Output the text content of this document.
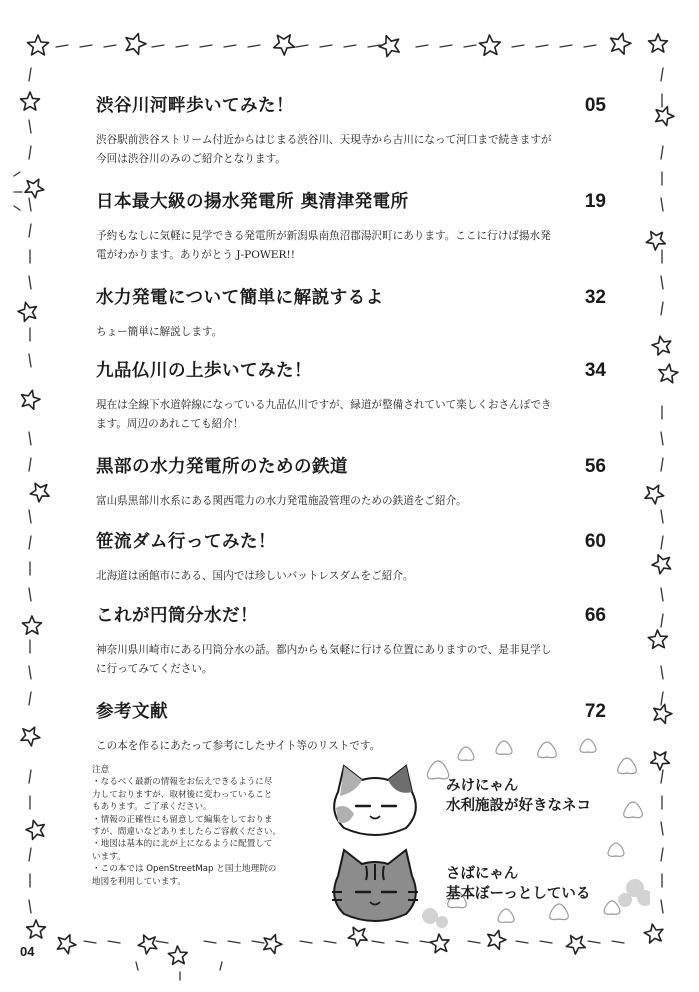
渋谷川河畔歩いてみた！	05
渋谷駅前渋谷ストリーム付近からはじまる渋谷川、天現寺から古川になって河口まで続きますが
今回は渋谷川のみのご紹介となります。
日本最大級の揚水発電所 奥清津発電所	19
予約もなしに気軽に見学できる発電所が新潟県南魚沼郡湯沢町にあります。ここに行けば揚水発
電がわかります。ありがとう J-POWER!!
水力発電について簡単に解説するよ	32
ちょー簡単に解説します。
九品仏川の上歩いてみた！	34
現在は全線下水道幹線になっている九品仏川ですが、緑道が整備されていて楽しくおさんぽでき
ます。周辺のあれこても紹介！
黒部の水力発電所のための鉄道	56
富山県黒部川水系にある関西電力の水力発電施設管理のための鉄道をご紹介。
笹流ダム行ってみた！	60
北海道は函館市にある、国内では珍しいバットレスダムをご紹介。
これが円筒分水だ！	66
神奈川県川崎市にある円筒分水の話。都内からも気軽に行ける位置にありますので、是非見学し
に行ってみてください。
参考文献	72
この本を作るにあたって参考にしたサイト等のリストです。
注意
・なるべく最新の情報をお伝えできるように尽
力しておりますが、取材後に変わっていること
もあります。ご了承ください。
・情報の正確性にも留意して編集をしておりま
すが、間違いなどありましたらご容赦ください。
・地図は基本的に北が上になるように配置して
います。
・この本では OpenStreetMap と国土地理院の
地図を利用しています。
みけにゃん
水利施設が好きなネコ
さばにゃん
基本ぼーっとしている
04
